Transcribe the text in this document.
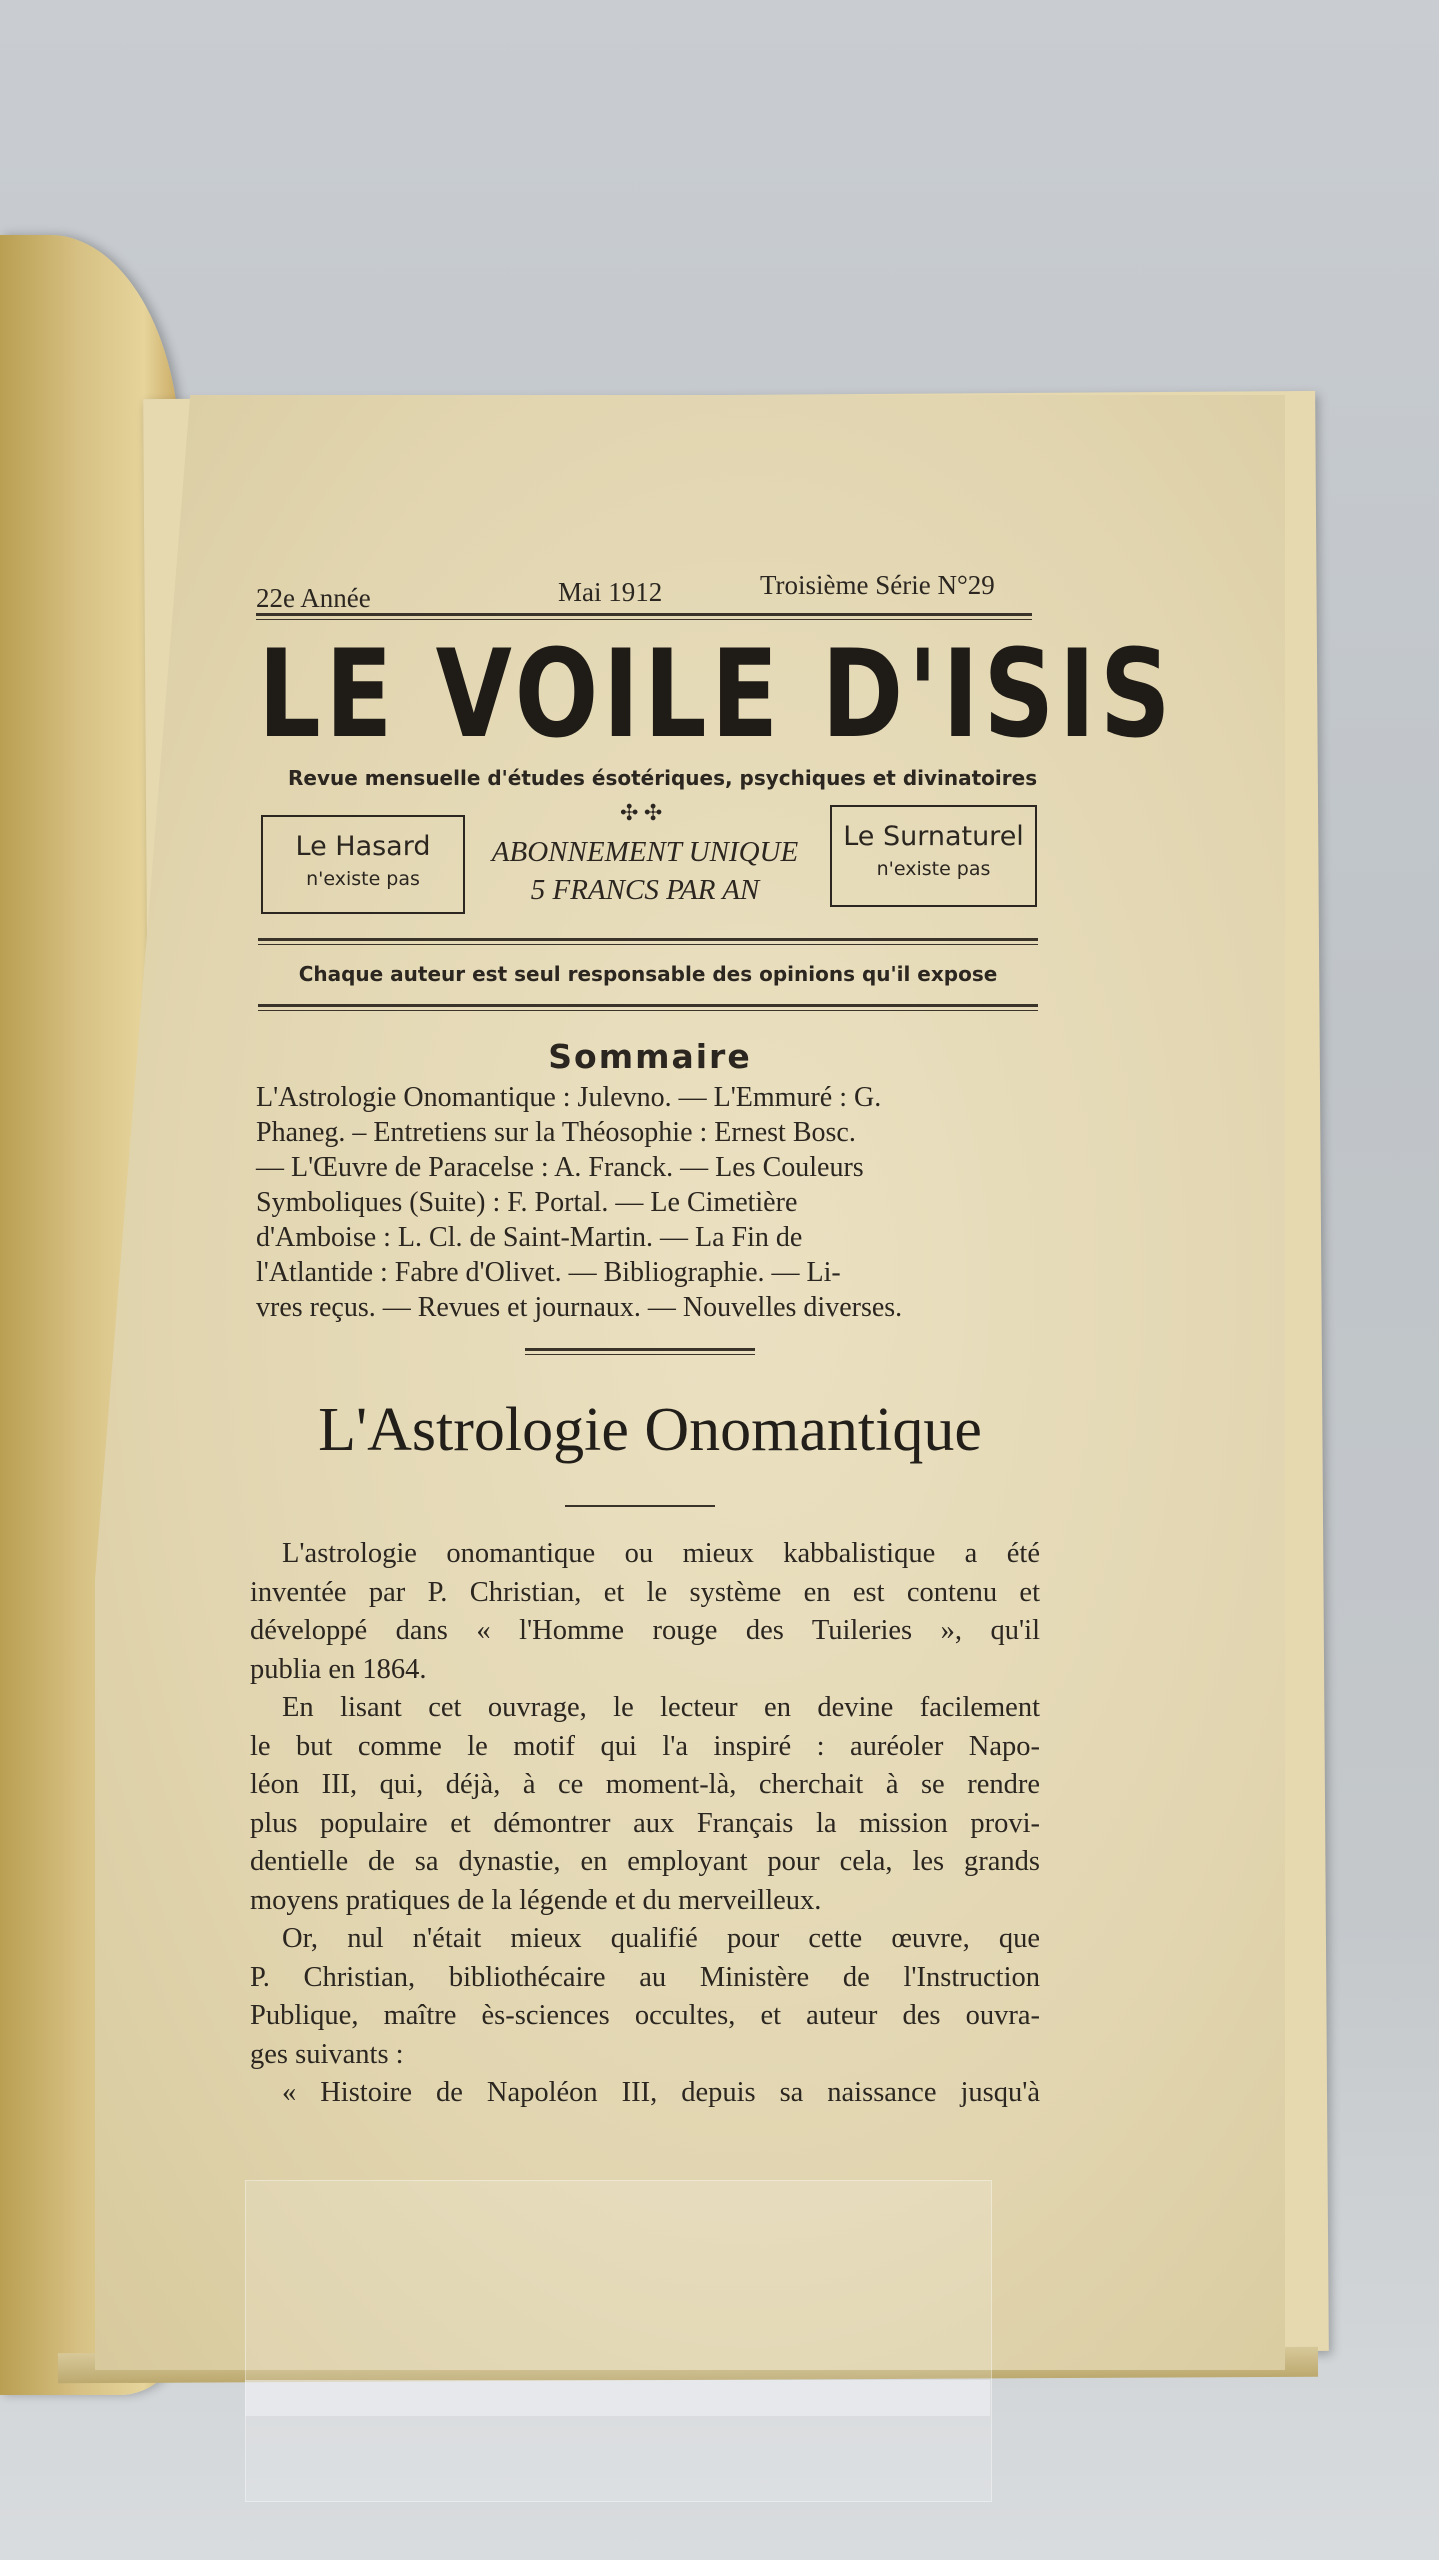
22e Année	Mai 1912	Troisième Série N°29
LE VOILE D'ISIS
Revue mensuelle d'études ésotériques, psychiques et divinatoires
✣ ✣
Le Hasard
n'existe pas
ABONNEMENT UNIQUE
5 FRANCS PAR AN
Le Surnaturel
n'existe pas
Chaque auteur est seul responsable des opinions qu'il expose
Sommaire

L'Astrologie Onomantique : Julevno. — L'Emmuré : G.

Phaneg. – Entretiens sur la Théosophie : Ernest Bosc.

— L'Œuvre de Paracelse : A. Franck. — Les Couleurs

Symboliques (Suite) : F. Portal. — Le Cimetière

d'Amboise : L. Cl. de Saint-Martin. — La Fin de

l'Atlantide : Fabre d'Olivet. — Bibliographie. — Li-

vres reçus. — Revues et journaux. — Nouvelles diverses.

L'Astrologie Onomantique

L'astrologie onomantique ou mieux kabbalistique a été

inventée par P. Christian, et le système en est contenu et

développé dans « l'Homme rouge des Tuileries », qu'il

publia en 1864.

En lisant cet ouvrage, le lecteur en devine facilement

le but comme le motif qui l'a inspiré : auréoler Napo-

léon III, qui, déjà, à ce moment-là, cherchait à se rendre

plus populaire et démontrer aux Français la mission provi-

dentielle de sa dynastie, en employant pour cela, les grands

moyens pratiques de la légende et du merveilleux.

Or, nul n'était mieux qualifié pour cette œuvre, que

P. Christian, bibliothécaire au Ministère de l'Instruction

Publique, maître ès-sciences occultes, et auteur des ouvra-

ges suivants :

« Histoire de Napoléon III, depuis sa naissance jusqu'à
